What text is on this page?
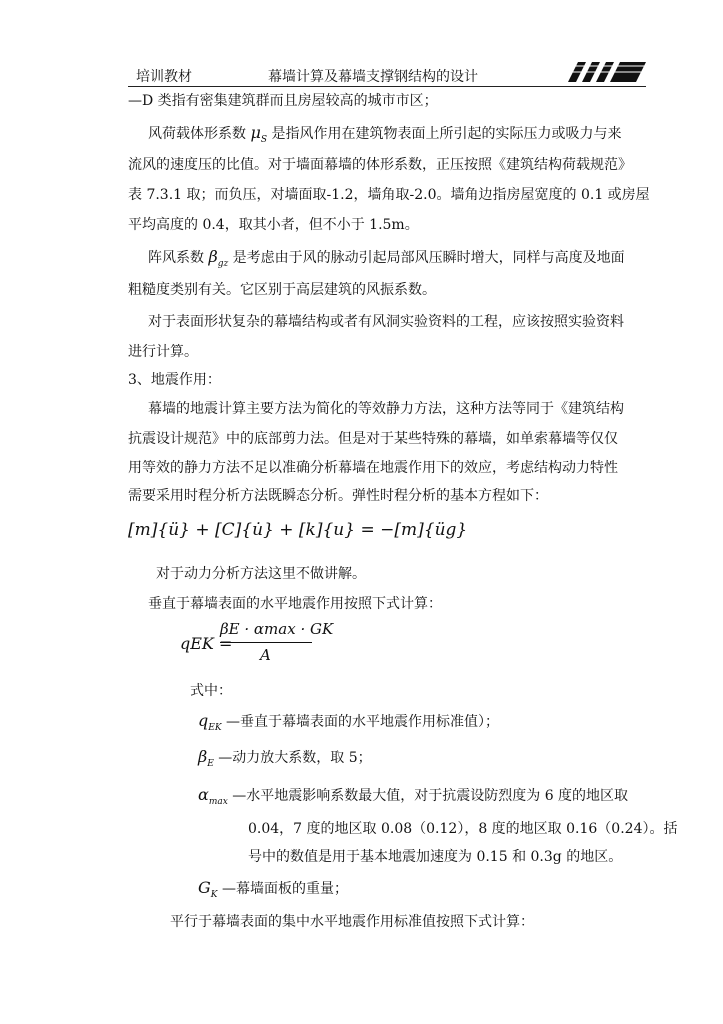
培训教材	幕墙计算及幕墙支撑钢结构的设计
—D 类指有密集建筑群而且房屋较高的城市市区；
风荷载体形系数 $\mu_S$ 是指风作用在建筑物表面上所引起的实际压力或吸力与来
流风的速度压的比值。对于墙面幕墙的体形系数，正压按照《建筑结构荷载规范》
表 7.3.1 取；而负压，对墙面取-1.2，墙角取-2.0。墙角边指房屋宽度的 0.1 或房屋
平均高度的 0.4，取其小者，但不小于 1.5m。
阵风系数 $\beta_{gz}$ 是考虑由于风的脉动引起局部风压瞬时增大，同样与高度及地面
粗糙度类别有关。它区别于高层建筑的风振系数。
对于表面形状复杂的幕墙结构或者有风洞实验资料的工程，应该按照实验资料
进行计算。
3、地震作用：
幕墙的地震计算主要方法为简化的等效静力方法，这种方法等同于《建筑结构
抗震设计规范》中的底部剪力法。但是对于某些特殊的幕墙，如单索幕墙等仅仅
用等效的静力方法不足以准确分析幕墙在地震作用下的效应，考虑结构动力特性
需要采用时程分析方法既瞬态分析。弹性时程分析的基本方程如下：
[m]{ü} + [C]{u̇} + [k]{u} = −[m]{üg}
对于动力分析方法这里不做讲解。
垂直于幕墙表面的水平地震作用按照下式计算：
qEK =
βE · αmax · GK
A
式中：
$q_{EK}$ —垂直于幕墙表面的水平地震作用标准值）；
$\beta_E$ —动力放大系数，取 5；
$\alpha_{max}$ —水平地震影响系数最大值，对于抗震设防烈度为 6 度的地区取
0.04，7 度的地区取 0.08（0.12），8 度的地区取 0.16（0.24）。括
号中的数值是用于基本地震加速度为 0.15 和 0.3g 的地区。
$G_K$ —幕墙面板的重量；
平行于幕墙表面的集中水平地震作用标准值按照下式计算：
